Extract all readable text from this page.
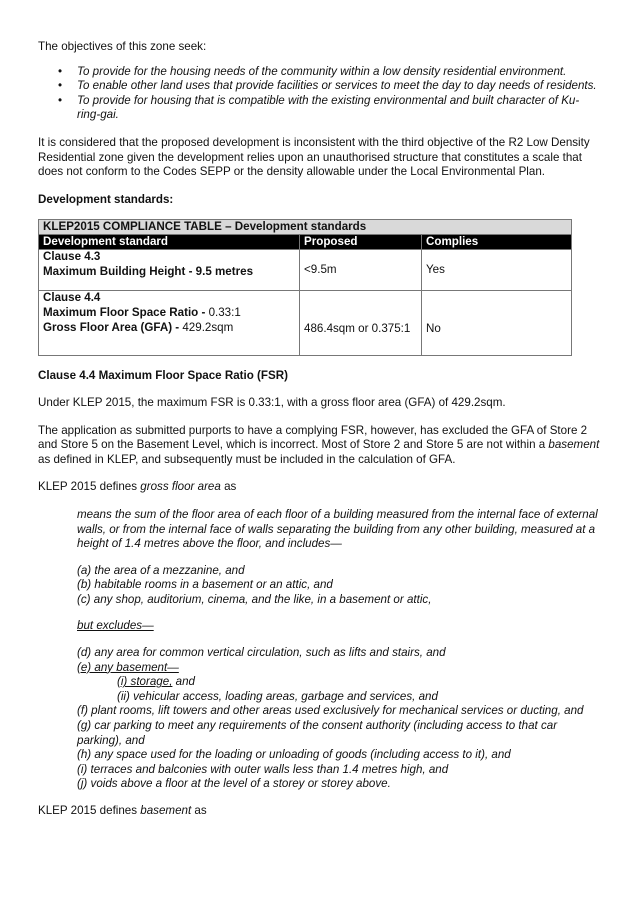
The objectives of this zone seek:

• To provide for the housing needs of the community within a low density residential environment.
• To enable other land uses that provide facilities or services to meet the day to day needs of residents.
• To provide for housing that is compatible with the existing environmental and built character of Ku-ring-gai.

It is considered that the proposed development is inconsistent with the third objective of the R2 Low Density Residential zone given the development relies upon an unauthorised structure that constitutes a scale that does not conform to the Codes SEPP or the density allowable under the Local Environmental Plan.

Development standards:

KLEP2015 COMPLIANCE TABLE – Development standards		
Development standard	Proposed	Complies

Clause 4.3
Maximum Building Height - 9.5 metres	<9.5m	Yes

Clause 4.4
Maximum Floor Space Ratio - 0.33:1
Gross Floor Area (GFA) - 429.2sqm	486.4sqm or 0.375:1	No

Clause 4.4 Maximum Floor Space Ratio (FSR)

Under KLEP 2015, the maximum FSR is 0.33:1, with a gross floor area (GFA) of 429.2sqm.

The application as submitted purports to have a complying FSR, however, has excluded the GFA of Store 2 and Store 5 on the Basement Level, which is incorrect. Most of Store 2 and Store 5 are not within a basement as defined in KLEP, and subsequently must be included in the calculation of GFA.

KLEP 2015 defines gross floor area as

means the sum of the floor area of each floor of a building measured from the internal face of external walls, or from the internal face of walls separating the building from any other building, measured at a height of 1.4 metres above the floor, and includes—

(a) the area of a mezzanine, and

(b) habitable rooms in a basement or an attic, and

(c) any shop, auditorium, cinema, and the like, in a basement or attic,

but excludes—

(d) any area for common vertical circulation, such as lifts and stairs, and

(e) any basement—

(i) storage, and

(ii) vehicular access, loading areas, garbage and services, and

(f) plant rooms, lift towers and other areas used exclusively for mechanical services or ducting, and

(g) car parking to meet any requirements of the consent authority (including access to that car parking), and

(h) any space used for the loading or unloading of goods (including access to it), and

(i) terraces and balconies with outer walls less than 1.4 metres high, and

(j) voids above a floor at the level of a storey or storey above.

KLEP 2015 defines basement as
